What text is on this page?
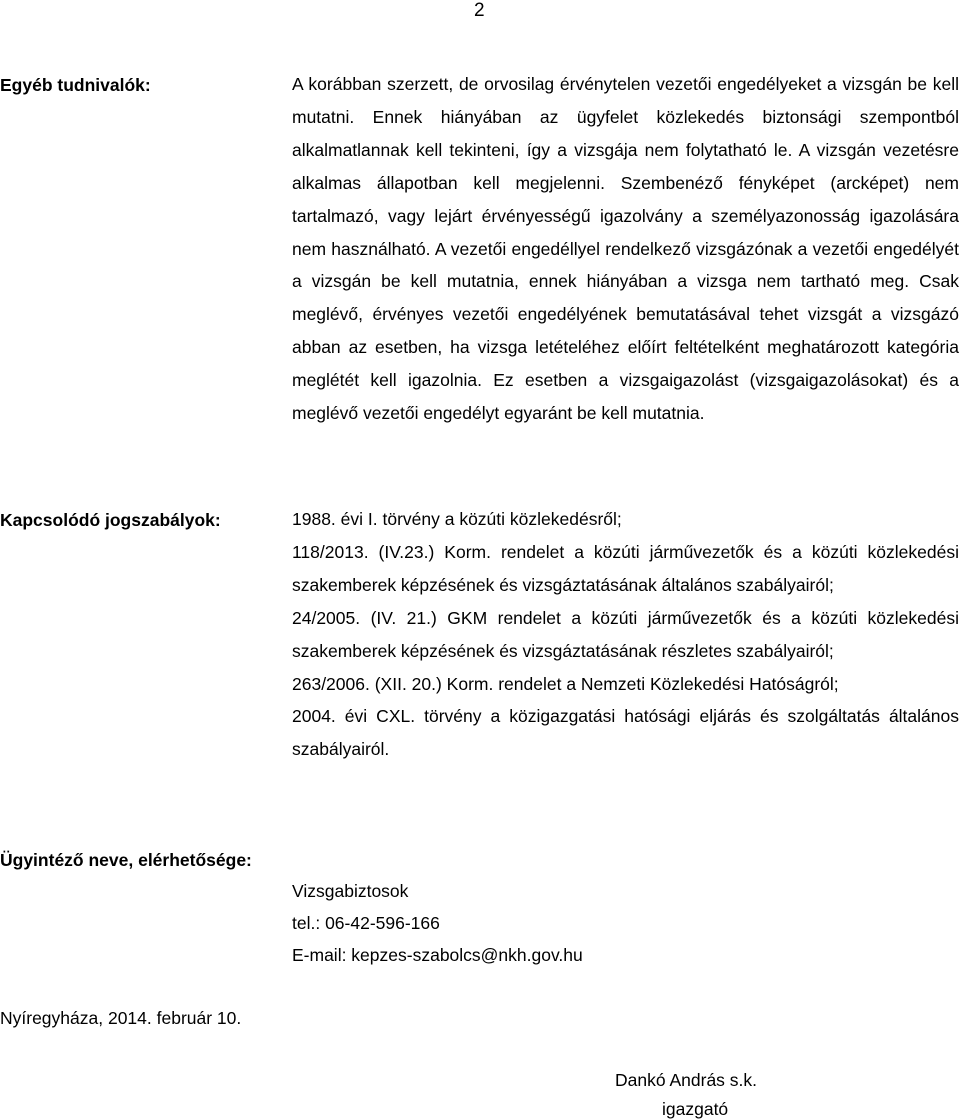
2
Egyéb tudnivalók:	A korábban szerzett, de orvosilag érvénytelen vezetői engedélyeket a vizsgán be kell mutatni. Ennek hiányában az ügyfelet közlekedés biztonsági szempontból alkalmatlannak kell tekinteni, így a vizsgája nem folytatható le. A vizsgán vezetésre alkalmas állapotban kell megjelenni. Szembenéző fényképet (arcképet) nem tartalmazó, vagy lejárt érvényességű igazolvány a személyazonosság igazolására nem használható. A vezetői engedéllyel rendelkező vizsgázónak a vezetői engedélyét a vizsgán be kell mutatnia, ennek hiányában a vizsga nem tartható meg. Csak meglévő, érvényes vezetői engedélyének bemutatásával tehet vizsgát a vizsgázó abban az esetben, ha vizsga letételéhez előírt feltételként meghatározott kategória meglétét kell igazolnia. Ez esetben a vizsgaigazolást (vizsgaigazolásokat) és a meglévő vezetői engedélyt egyaránt be kell mutatnia.
Kapcsolódó jogszabályok:	1988. évi I. törvény a közúti közlekedésről;
118/2013. (IV.23.) Korm. rendelet a közúti járművezetők és a közúti közlekedési szakemberek képzésének és vizsgáztatásának általános szabályairól;
24/2005. (IV. 21.) GKM rendelet a közúti járművezetők és a közúti közlekedési szakemberek képzésének és vizsgáztatásának részletes szabályairól;
263/2006. (XII. 20.) Korm. rendelet a Nemzeti Közlekedési Hatóságról;
2004. évi CXL. törvény a közigazgatási hatósági eljárás és szolgáltatás általános szabályairól.
Ügyintéző neve, elérhetősége:
Vizsgabiztosok
tel.: 06-42-596-166
E-mail: kepzes-szabolcs@nkh.gov.hu
Nyíregyháza, 2014. február 10.
Dankó András s.k.
igazgató
